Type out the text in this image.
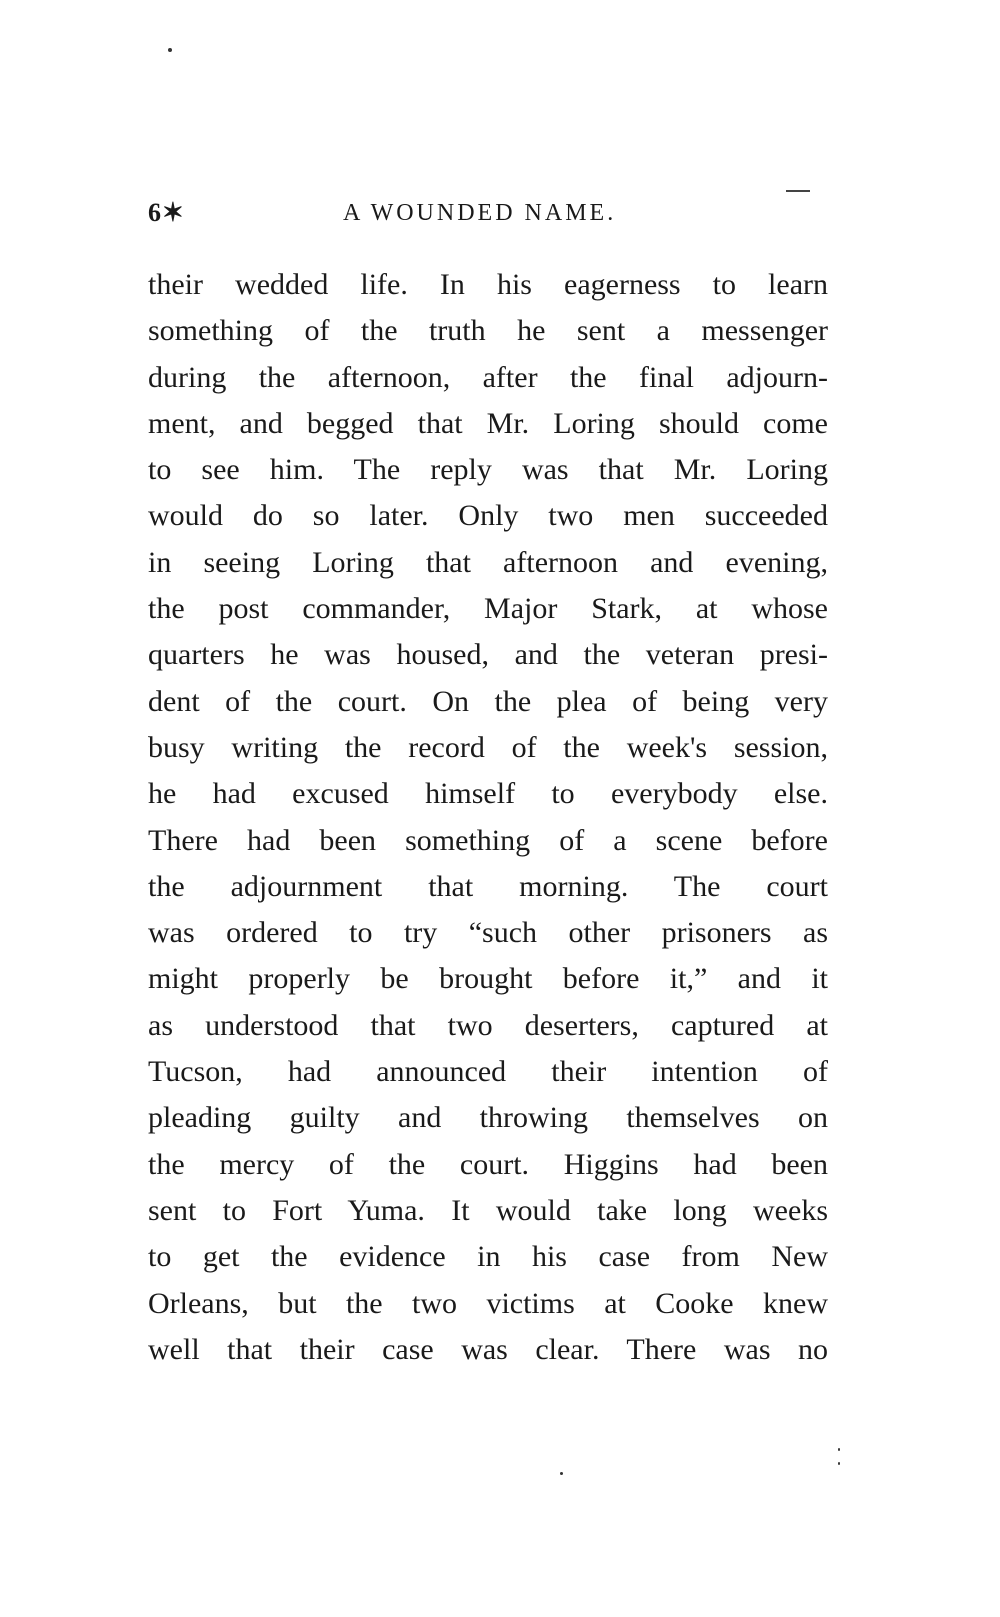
6✶	A WOUNDED NAME.
their wedded life. In his eagerness to learn
something of the truth he sent a messenger
during the afternoon, after the final adjourn-
ment, and begged that Mr. Loring should come
to see him. The reply was that Mr. Loring
would do so later. Only two men succeeded
in seeing Loring that afternoon and evening,
the post commander, Major Stark, at whose
quarters he was housed, and the veteran presi-
dent of the court. On the plea of being very
busy writing the record of the week's session,
he had excused himself to everybody else.
There had been something of a scene before
the adjournment that morning. The court
was ordered to try “such other prisoners as
might properly be brought before it,” and it
as understood that two deserters, captured at
Tucson, had announced their intention of
pleading guilty and throwing themselves on
the mercy of the court. Higgins had been
sent to Fort Yuma. It would take long weeks
to get the evidence in his case from New
Orleans, but the two victims at Cooke knew
well that their case was clear. There was no
